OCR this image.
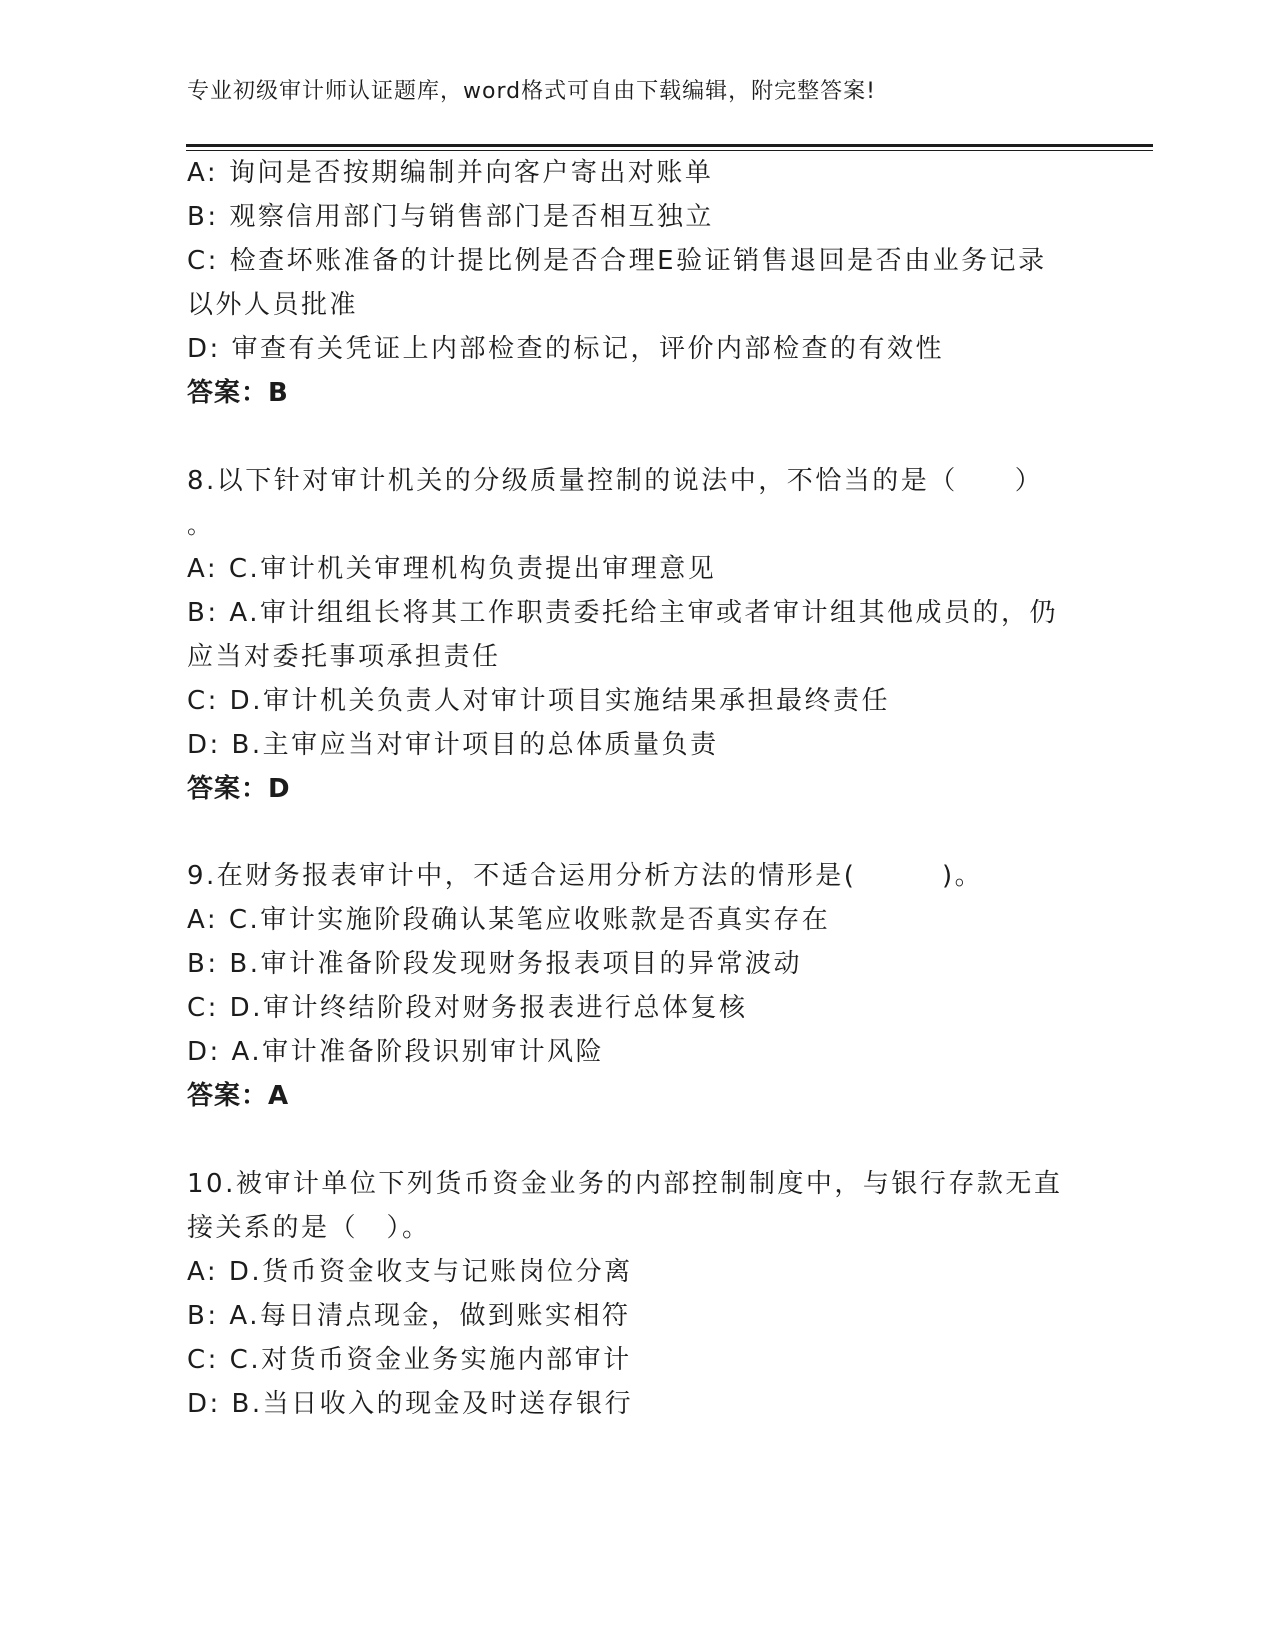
专业初级审计师认证题库，word格式可自由下载编辑，附完整答案!
A: 询问是否按期编制并向客户寄出对账单
B: 观察信用部门与销售部门是否相互独立
C: 检查坏账准备的计提比例是否合理E验证销售退回是否由业务记录
以外人员批准
D: 审查有关凭证上内部检查的标记，评价内部检查的有效性
答案：B
8.以下针对审计机关的分级质量控制的说法中，不恰当的是（　　）
。
A: C.审计机关审理机构负责提出审理意见
B: A.审计组组长将其工作职责委托给主审或者审计组其他成员的，仍
应当对委托事项承担责任
C: D.审计机关负责人对审计项目实施结果承担最终责任
D: B.主审应当对审计项目的总体质量负责
答案：D
9.在财务报表审计中，不适合运用分析方法的情形是(　　　)。
A: C.审计实施阶段确认某笔应收账款是否真实存在
B: B.审计准备阶段发现财务报表项目的异常波动
C: D.审计终结阶段对财务报表进行总体复核
D: A.审计准备阶段识别审计风险
答案：A
10.被审计单位下列货币资金业务的内部控制制度中，与银行存款无直
接关系的是（　）。
A: D.货币资金收支与记账岗位分离
B: A.每日清点现金，做到账实相符
C: C.对货币资金业务实施内部审计
D: B.当日收入的现金及时送存银行
